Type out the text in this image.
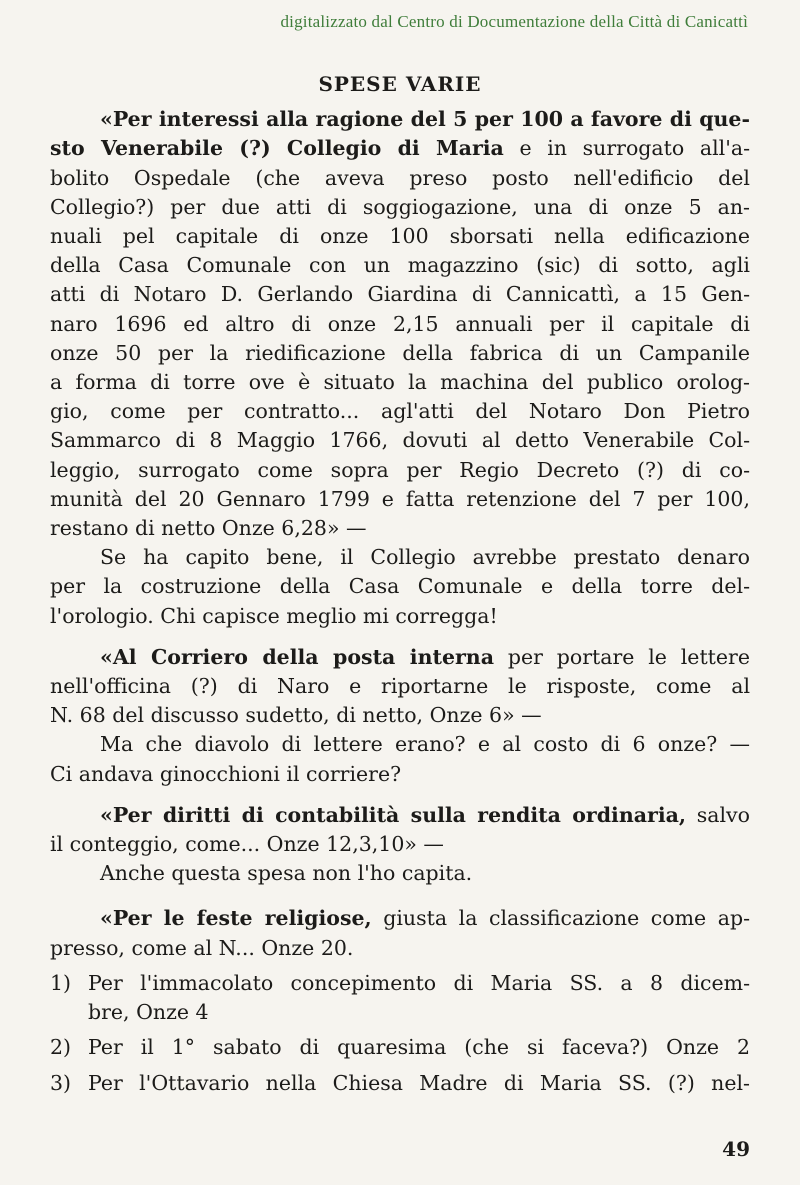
digitalizzato dal Centro di Documentazione della Città di Canicattì
SPESE VARIE

«Per interessi alla ragione del 5 per 100 a favore di que-
sto Venerabile (?) Collegio di Maria e in surrogato all'a-
bolito Ospedale (che aveva preso posto nell'edificio del
Collegio?) per due atti di soggiogazione, una di onze 5 an-
nuali pel capitale di onze 100 sborsati nella edificazione
della Casa Comunale con un magazzino (sic) di sotto, agli
atti di Notaro D. Gerlando Giardina di Cannicattì, a 15 Gen-
naro 1696 ed altro di onze 2,15 annuali per il capitale di
onze 50 per la riedificazione della fabrica di un Campanile
a forma di torre ove è situato la machina del publico orolog-
gio, come per contratto... agl'atti del Notaro Don Pietro
Sammarco di 8 Maggio 1766, dovuti al detto Venerabile Col-
leggio, surrogato come sopra per Regio Decreto (?) di co-
munità del 20 Gennaro 1799 e fatta retenzione del 7 per 100,
restano di netto Onze 6,28» —

Se ha capito bene, il Collegio avrebbe prestato denaro
per la costruzione della Casa Comunale e della torre del-
l'orologio. Chi capisce meglio mi corregga!

«Al Corriero della posta interna per portare le lettere
nell'officina (?) di Naro e riportarne le risposte, come al
N. 68 del discusso sudetto, di netto, Onze 6» —

Ma che diavolo di lettere erano? e al costo di 6 onze? —
Ci andava ginocchioni il corriere?

«Per diritti di contabilità sulla rendita ordinaria, salvo
il conteggio, come... Onze 12,3,10» —

Anche questa spesa non l'ho capita.

«Per le feste religiose, giusta la classificazione come ap-
presso, come al N... Onze 20.

1) Per l'immacolato concepimento di Maria SS. a 8 dicem-
bre, Onze 4
2) Per il 1° sabato di quaresima (che si faceva?) Onze 2
3) Per l'Ottavario nella Chiesa Madre di Maria SS. (?) nel-
49
